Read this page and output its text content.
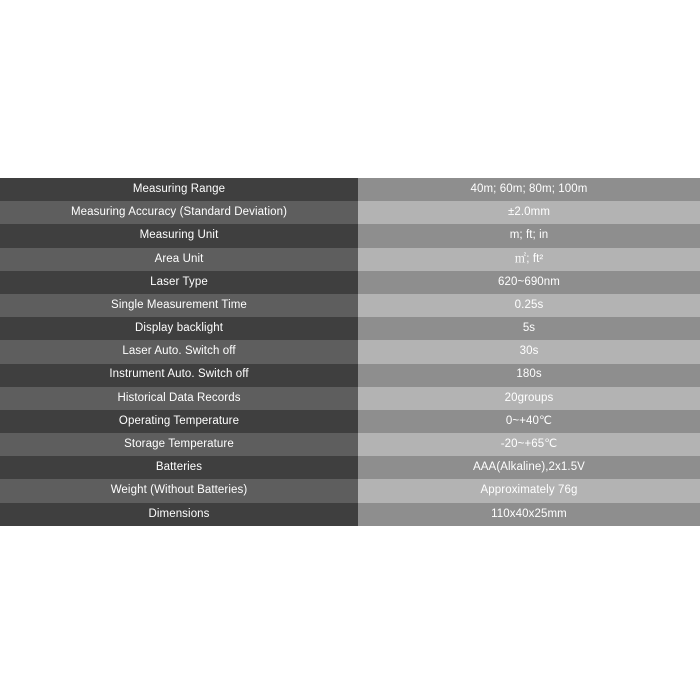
Measuring Range	40m; 60m; 80m; 100m
Measuring Accuracy (Standard Deviation)	±2.0mm
Measuring Unit	m; ft; in
Area Unit	㎡; ft²
Laser Type	620~690nm
Single Measurement Time	0.25s
Display backlight	5s
Laser Auto. Switch off	30s
Instrument Auto. Switch off	180s
Historical Data Records	20groups
Operating Temperature	0~+40℃
Storage Temperature	-20~+65℃
Batteries	AAA(Alkaline),2x1.5V
Weight (Without Batteries)	Approximately 76g
Dimensions	110x40x25mm
